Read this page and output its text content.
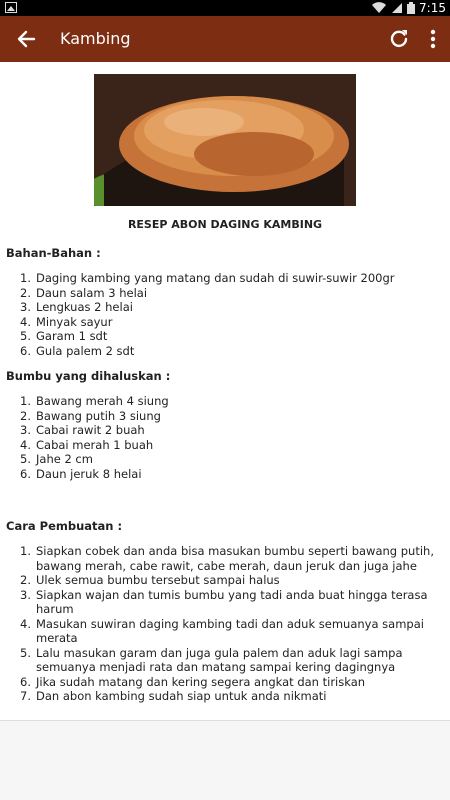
7:15
Kambing
RESEP ABON DAGING KAMBING
Bahan-Bahan :
1. Daging kambing yang matang dan sudah di suwir-suwir 200gr
2. Daun salam 3 helai
3. Lengkuas 2 helai
4. Minyak sayur
5. Garam 1 sdt
6. Gula palem 2 sdt
Bumbu yang dihaluskan :
1. Bawang merah 4 siung
2. Bawang putih 3 siung
3. Cabai rawit 2 buah
4. Cabai merah 1 buah
5. Jahe 2 cm
6. Daun jeruk 8 helai
Cara Pembuatan :
1. Siapkan cobek dan anda bisa masukan bumbu seperti bawang putih, bawang merah, cabe rawit, cabe merah, daun jeruk dan juga jahe
2. Ulek semua bumbu tersebut sampai halus
3. Siapkan wajan dan tumis bumbu yang tadi anda buat hingga terasa harum
4. Masukan suwiran daging kambing tadi dan aduk semuanya sampai merata
5. Lalu masukan garam dan juga gula palem dan aduk lagi sampa semuanya menjadi rata dan matang sampai kering dagingnya
6. Jika sudah matang dan kering segera angkat dan tiriskan
7. Dan abon kambing sudah siap untuk anda nikmati
